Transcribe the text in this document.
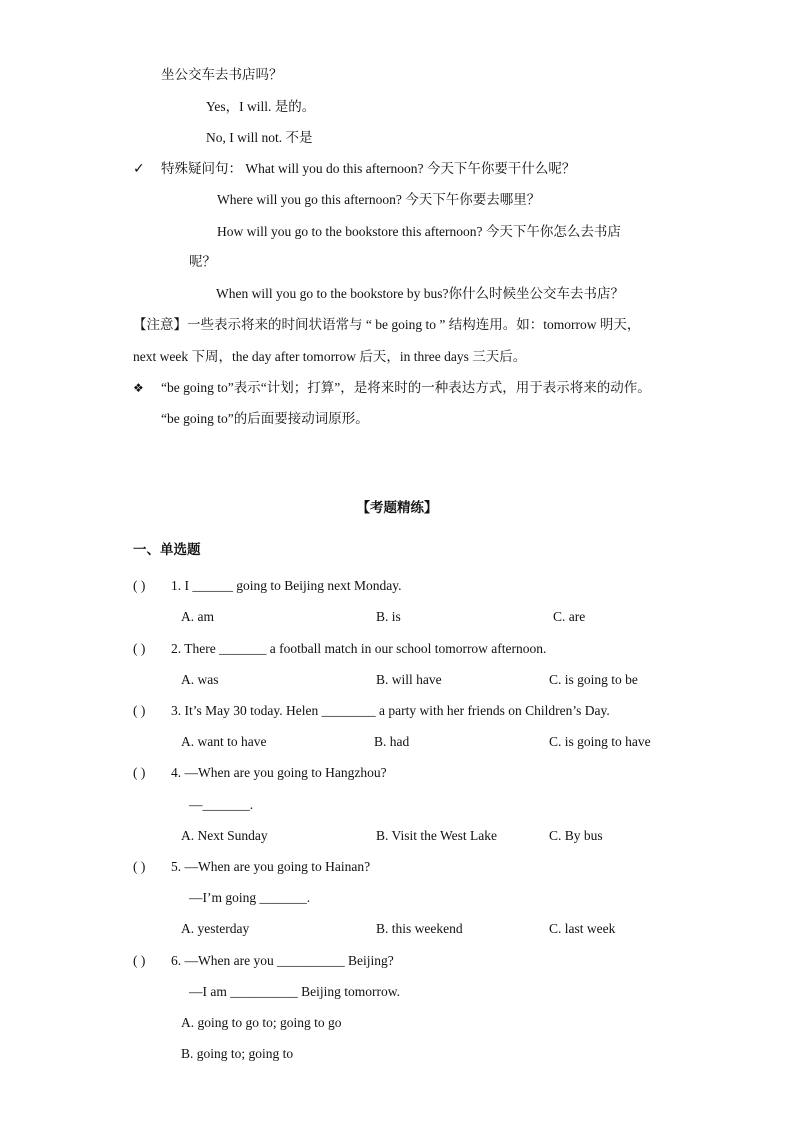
坐公交车去书店吗？
Yes，I will. 是的。
No, I will not. 不是
✓ 特殊疑问句： What will you do this afternoon? 今天下午你要干什么呢？
Where will you go this afternoon? 今天下午你要去哪里？
How will you go to the bookstore this afternoon? 今天下午你怎么去书店
呢？
When will you go to the bookstore by bus?你什么时候坐公交车去书店？
【注意】一些表示将来的时间状语常与 “ be going to ” 结构连用。如：tomorrow 明天，
next week 下周，the day after tomorrow 后天，in three days 三天后。
❖ “be going to”表示“计划；打算”，是将来时的一种表达方式，用于表示将来的动作。
“be going to”的后面要接动词原形。
【考题精练】
一、单选题
( ) 1. I ______ going to Beijing next Monday.
A. am	B. is	C. are
( ) 2. There _______ a football match in our school tomorrow afternoon.
A. was	B. will have	C. is going to be
( ) 3. It’s May 30 today. Helen ________ a party with her friends on Children’s Day.
A. want to have	B. had	C. is going to have
( ) 4. —When are you going to Hangzhou?
—_______.
A. Next Sunday	B. Visit the West Lake	C. By bus
( ) 5. —When are you going to Hainan?
—I’m going _______.
A. yesterday	B. this weekend	C. last week
( ) 6. —When are you __________ Beijing?
—I am __________ Beijing tomorrow.
A. going to go to; going to go
B. going to; going to
